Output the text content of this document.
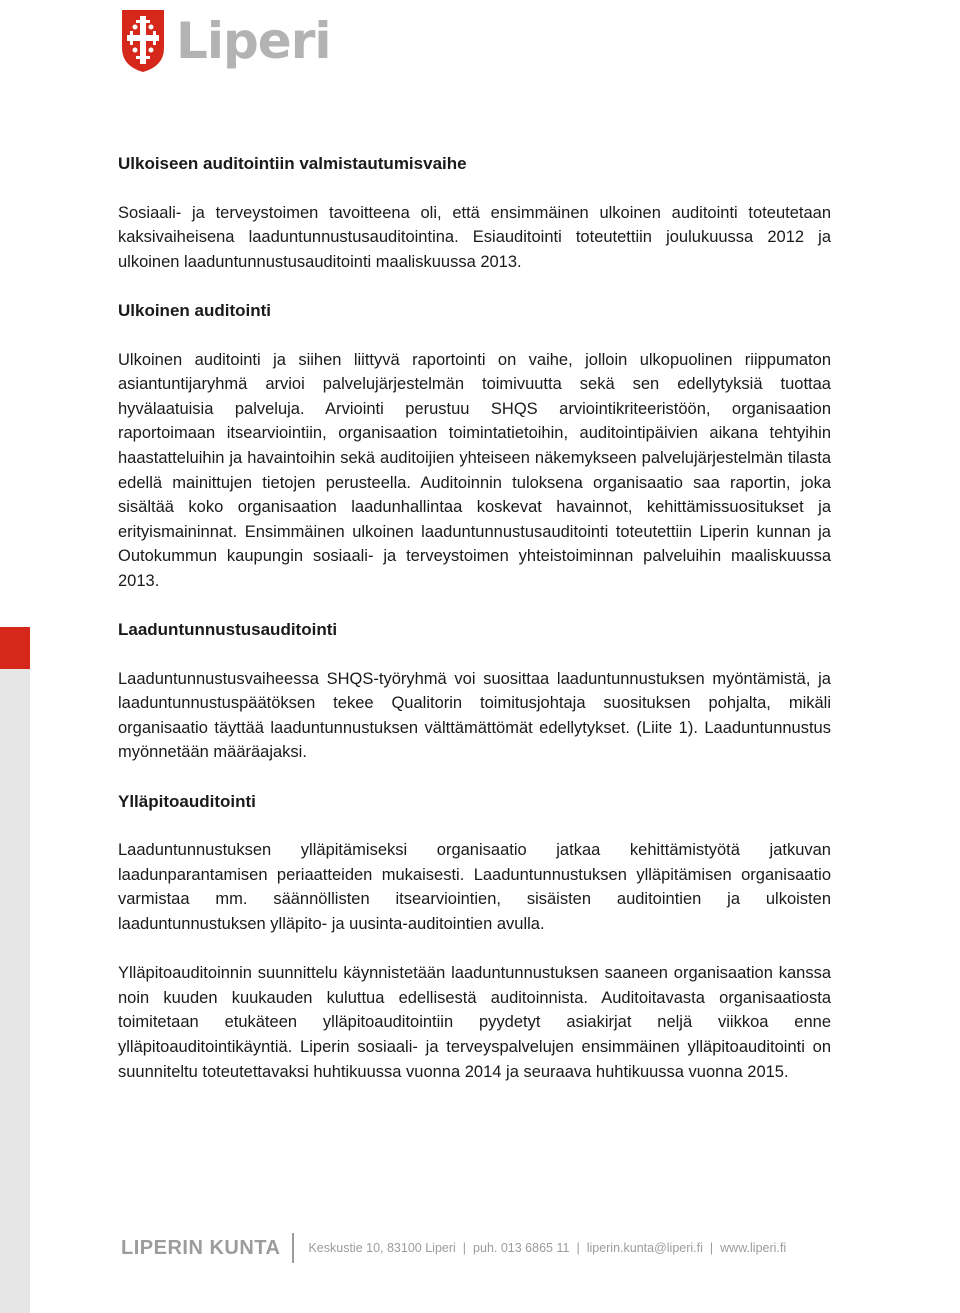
Liperi
Ulkoiseen auditointiin valmistautumisvaihe

Sosiaali- ja terveystoimen tavoitteena oli, että ensimmäinen ulkoinen auditointi toteutetaan kaksivaiheisena laaduntunnustusauditointina. Esiauditointi toteutettiin joulukuussa 2012 ja ulkoinen laaduntunnustusauditointi maaliskuussa 2013.

Ulkoinen auditointi

Ulkoinen auditointi ja siihen liittyvä raportointi on vaihe, jolloin ulkopuolinen riippumaton asiantuntijaryhmä arvioi palvelujärjestelmän toimivuutta sekä sen edellytyksiä tuottaa hyvälaatuisia palveluja. Arviointi perustuu SHQS arviointikriteeristöön, organisaation raportoimaan itsearviointiin, organisaation toimintatietoihin, auditointipäivien aikana tehtyihin haastatteluihin ja havaintoihin sekä auditoijien yhteiseen näkemykseen palvelujärjestelmän tilasta edellä mainittujen tietojen perusteella. Auditoinnin tuloksena organisaatio saa raportin, joka sisältää koko organisaation laadunhallintaa koskevat havainnot, kehittämissuositukset ja erityismaininnat. Ensimmäinen ulkoinen laaduntunnustusauditointi toteutettiin Liperin kunnan ja Outokummun kaupungin sosiaali- ja terveystoimen yhteistoiminnan palveluihin maaliskuussa 2013.

Laaduntunnustusauditointi

Laaduntunnustusvaiheessa SHQS-työryhmä voi suosittaa laaduntunnustuksen myöntämistä, ja laaduntunnustuspäätöksen tekee Qualitorin toimitusjohtaja suosituksen pohjalta, mikäli organisaatio täyttää laaduntunnustuksen välttämättömät edellytykset. (Liite 1). Laaduntunnustus myönnetään määräajaksi.

Ylläpitoauditointi

Laaduntunnustuksen ylläpitämiseksi organisaatio jatkaa kehittämistyötä jatkuvan laadunparantamisen periaatteiden mukaisesti. Laaduntunnustuksen ylläpitämisen organisaatio varmistaa mm. säännöllisten itsearviointien, sisäisten auditointien ja ulkoisten laaduntunnustuksen ylläpito- ja uusinta-auditointien avulla.

Ylläpitoauditoinnin suunnittelu käynnistetään laaduntunnustuksen saaneen organisaation kanssa noin kuuden kuukauden kuluttua edellisestä auditoinnista. Auditoitavasta organisaatiosta toimitetaan etukäteen ylläpitoauditointiin pyydetyt asiakirjat neljä viikkoa enne ylläpitoauditointikäyntiä. Liperin sosiaali- ja terveyspalvelujen ensimmäinen ylläpitoauditointi on suunniteltu toteutettavaksi huhtikuussa vuonna 2014 ja seuraava huhtikuussa vuonna 2015.

LIPERIN KUNTA Keskustie 10, 83100 Liperi | puh. 013 6865 11 | liperin.kunta@liperi.fi | www.liperi.fi
